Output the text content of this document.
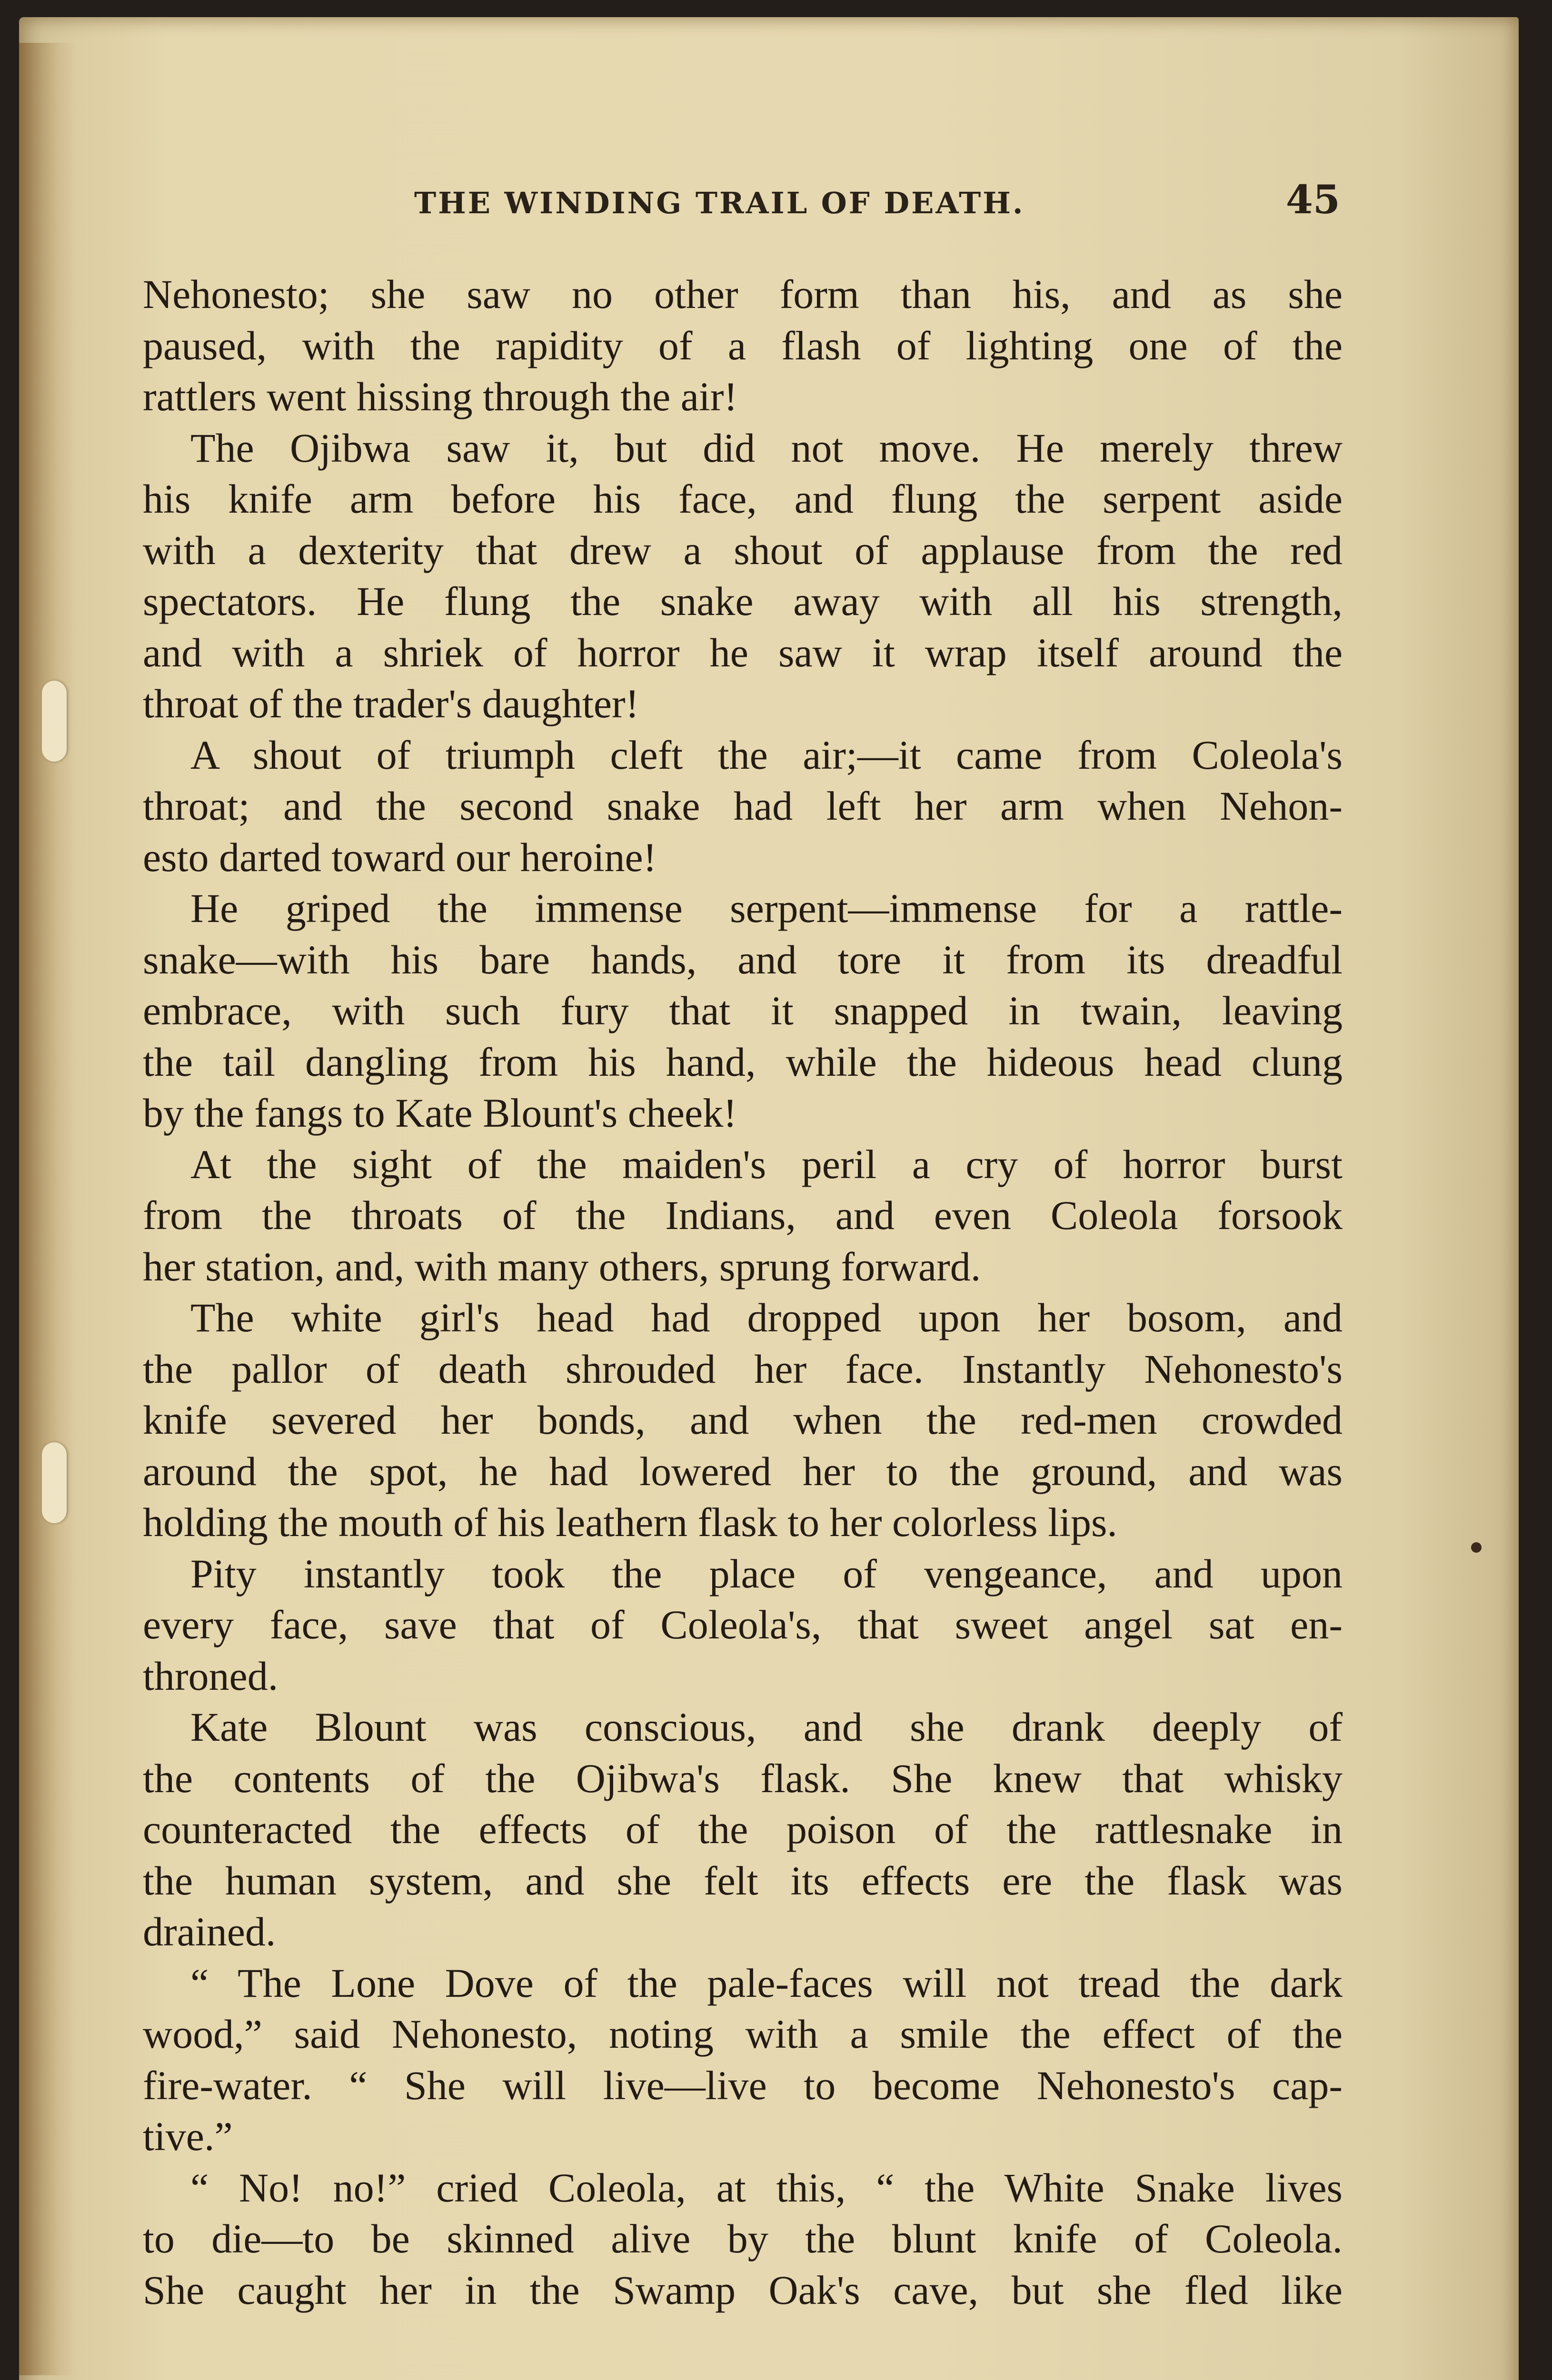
THE WINDING TRAIL OF DEATH.	45
Nehonesto; she saw no other form than his, and as she
paused, with the rapidity of a flash of lighting one of the
rattlers went hissing through the air!
The Ojibwa saw it, but did not move. He merely threw
his knife arm before his face, and flung the serpent aside
with a dexterity that drew a shout of applause from the red
spectators. He flung the snake away with all his strength,
and with a shriek of horror he saw it wrap itself around the
throat of the trader's daughter!
A shout of triumph cleft the air;—it came from Coleola's
throat; and the second snake had left her arm when Nehon-
esto darted toward our heroine!
He griped the immense serpent—immense for a rattle-
snake—with his bare hands, and tore it from its dreadful
embrace, with such fury that it snapped in twain, leaving
the tail dangling from his hand, while the hideous head clung
by the fangs to Kate Blount's cheek!
At the sight of the maiden's peril a cry of horror burst
from the throats of the Indians, and even Coleola forsook
her station, and, with many others, sprung forward.
The white girl's head had dropped upon her bosom, and
the pallor of death shrouded her face. Instantly Nehonesto's
knife severed her bonds, and when the red-men crowded
around the spot, he had lowered her to the ground, and was
holding the mouth of his leathern flask to her colorless lips.
Pity instantly took the place of vengeance, and upon
every face, save that of Coleola's, that sweet angel sat en-
throned.
Kate Blount was conscious, and she drank deeply of
the contents of the Ojibwa's flask. She knew that whisky
counteracted the effects of the poison of the rattlesnake in
the human system, and she felt its effects ere the flask was
drained.
“ The Lone Dove of the pale-faces will not tread the dark
wood,” said Nehonesto, noting with a smile the effect of the
fire-water. “ She will live—live to become Nehonesto's cap-
tive.”
“ No! no!” cried Coleola, at this, “ the White Snake lives
to die—to be skinned alive by the blunt knife of Coleola.
She caught her in the Swamp Oak's cave, but she fled like
